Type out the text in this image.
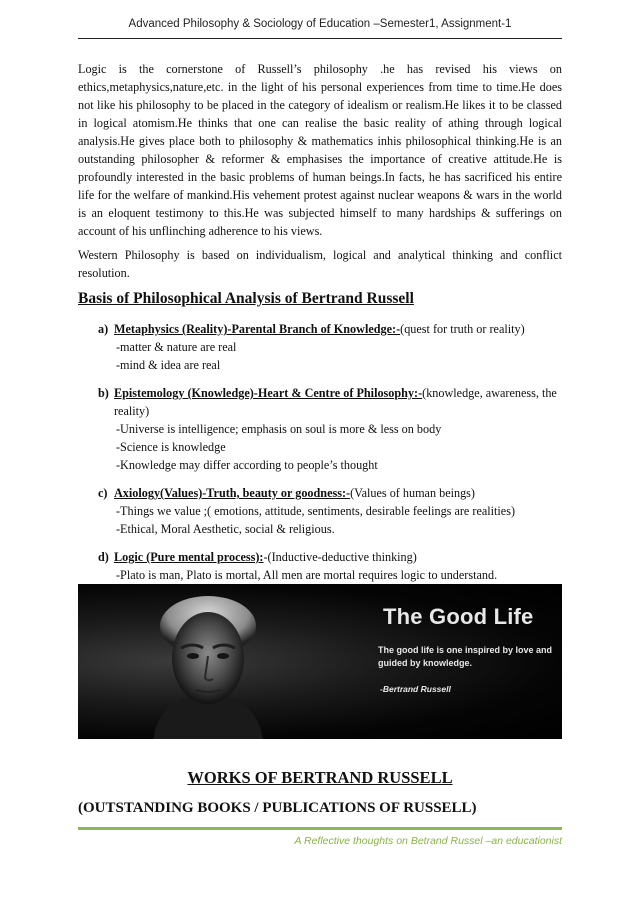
Advanced Philosophy & Sociology of Education –Semester1, Assignment-1

Logic is the cornerstone of Russell’s philosophy .he has revised his views on ethics,metaphysics,nature,etc. in the light of his personal experiences from time to time.He does not like his philosophy to be placed in the category of idealism or realism.He likes it to be classed in logical atomism.He thinks that one can realise the basic reality of athing through logical analysis.He gives place both to philosophy & mathematics inhis philosophical thinking.He is an outstanding philosopher & reformer & emphasises the importance of creative attitude.He is profoundly interested in the basic problems of human beings.In facts, he has sacrificed his entire life for the welfare of mankind.His vehement protest against nuclear weapons & wars in the world is an eloquent testimony to this.He was subjected himself to many hardships & sufferings on account of his unflinching adherence to his views.

Western Philosophy is based on individualism, logical and analytical thinking and conflict resolution.

Basis of Philosophical Analysis of Bertrand Russell
a) Metaphysics (Reality)-Parental Branch of Knowledge:-(quest for truth or reality)
-matter & nature are real
-mind & idea are real
b) Epistemology (Knowledge)-Heart & Centre of Philosophy:-(knowledge, awareness, the reality)
-Universe is intelligence; emphasis on soul is more & less on body
-Science is knowledge
-Knowledge may differ according to people’s thought
c) Axiology(Values)-Truth, beauty or goodness:-(Values of human beings)
-Things we value ;( emotions, attitude, sentiments, desirable feelings are realities)
-Ethical, Moral Aesthetic, social & religious.
d) Logic (Pure mental process):-(Inductive-deductive thinking)
-Plato is man, Plato is mortal, All men are mortal requires logic to understand.
The Good Life
The good life is one inspired by love and guided by knowledge.
-Bertrand Russell
WORKS OF BERTRAND RUSSELL
(OUTSTANDING BOOKS / PUBLICATIONS OF RUSSELL)
A Reflective thoughts on Betrand Russel –an educationist
